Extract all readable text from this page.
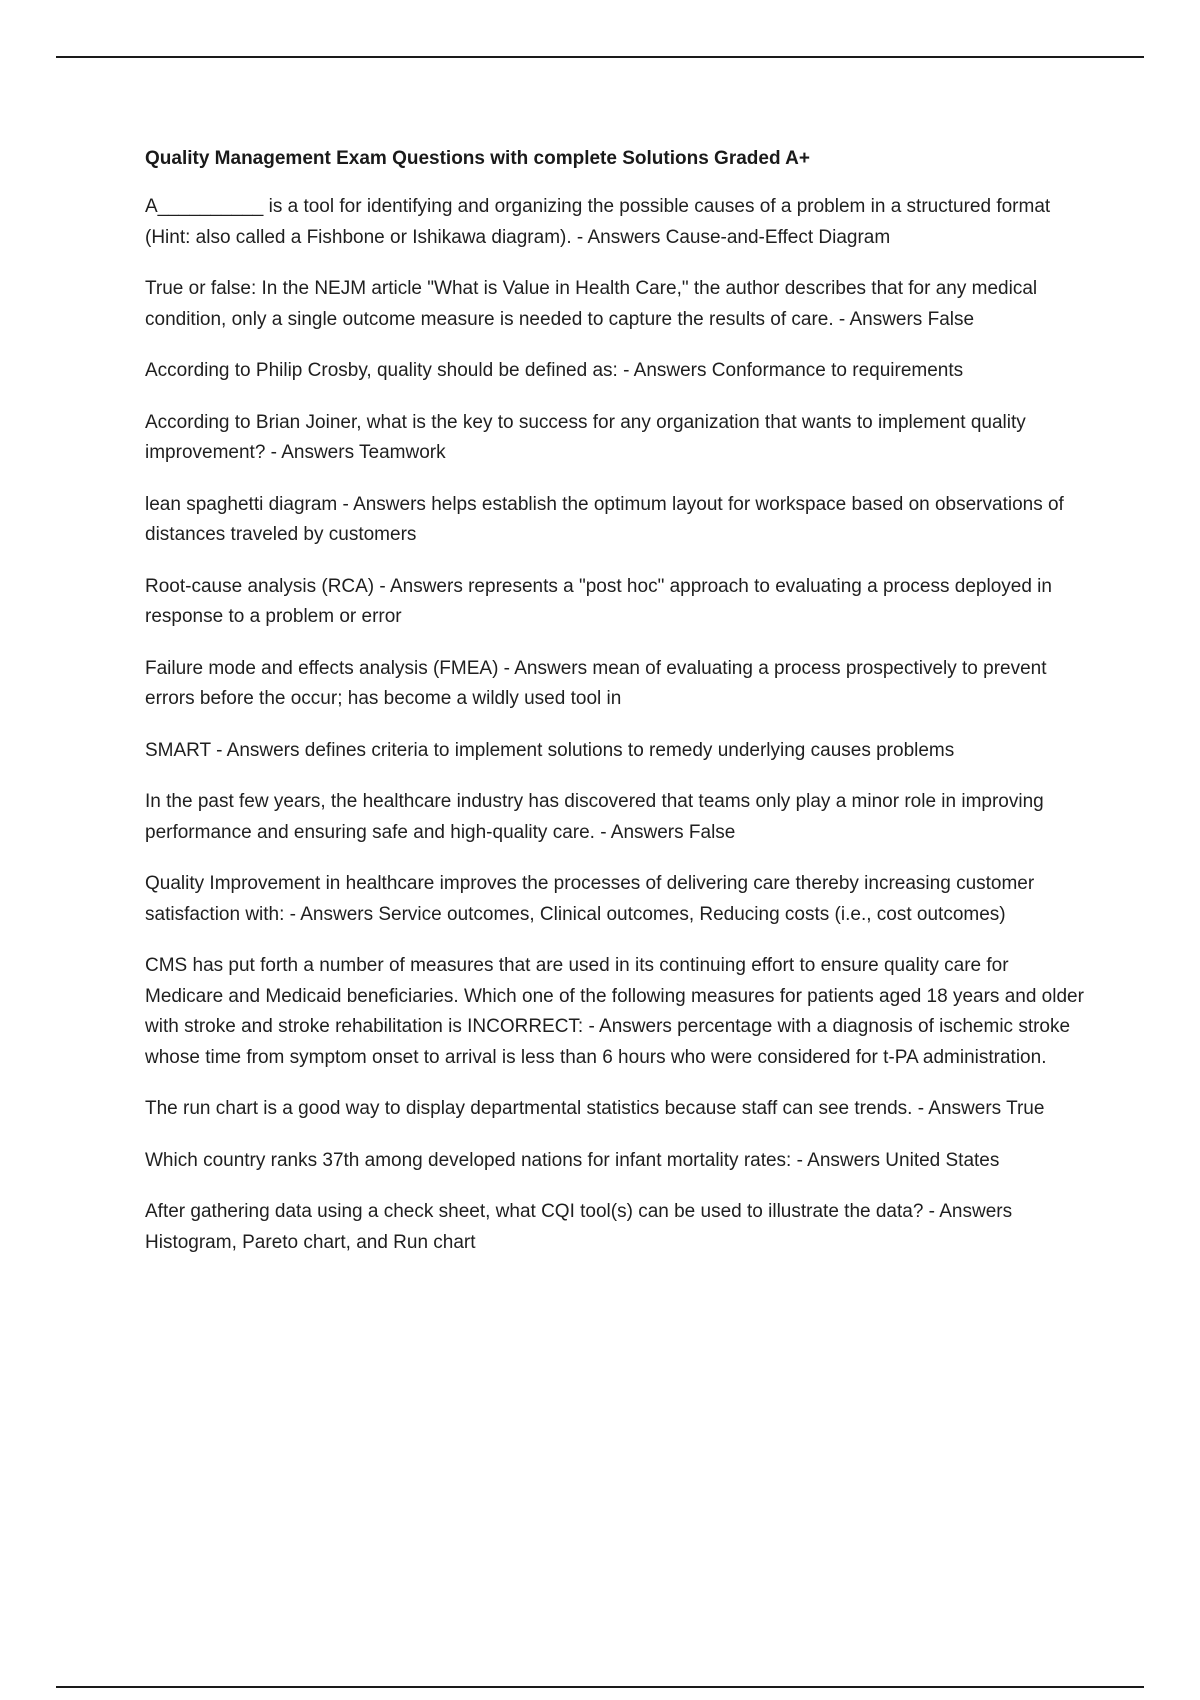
Quality Management Exam Questions with complete Solutions Graded A+

A__________ is a tool for identifying and organizing the possible causes of a problem in a structured format (Hint: also called a Fishbone or Ishikawa diagram). - Answers Cause-and-Effect Diagram

True or false: In the NEJM article "What is Value in Health Care," the author describes that for any medical condition, only a single outcome measure is needed to capture the results of care. - Answers False

According to Philip Crosby, quality should be defined as: - Answers Conformance to requirements

According to Brian Joiner, what is the key to success for any organization that wants to implement quality improvement? - Answers Teamwork

lean spaghetti diagram - Answers helps establish the optimum layout for workspace based on observations of distances traveled by customers

Root-cause analysis (RCA) - Answers represents a "post hoc" approach to evaluating a process deployed in response to a problem or error

Failure mode and effects analysis (FMEA) - Answers mean of evaluating a process prospectively to prevent errors before the occur; has become a wildly used tool in

SMART - Answers defines criteria to implement solutions to remedy underlying causes problems

In the past few years, the healthcare industry has discovered that teams only play a minor role in improving performance and ensuring safe and high-quality care. - Answers False

Quality Improvement in healthcare improves the processes of delivering care thereby increasing customer satisfaction with: - Answers Service outcomes, Clinical outcomes, Reducing costs (i.e., cost outcomes)

CMS has put forth a number of measures that are used in its continuing effort to ensure quality care for Medicare and Medicaid beneficiaries. Which one of the following measures for patients aged 18 years and older with stroke and stroke rehabilitation is INCORRECT: - Answers percentage with a diagnosis of ischemic stroke whose time from symptom onset to arrival is less than 6 hours who were considered for t-PA administration.

The run chart is a good way to display departmental statistics because staff can see trends. - Answers True

Which country ranks 37th among developed nations for infant mortality rates: - Answers United States

After gathering data using a check sheet, what CQI tool(s) can be used to illustrate the data? - Answers Histogram, Pareto chart, and Run chart
